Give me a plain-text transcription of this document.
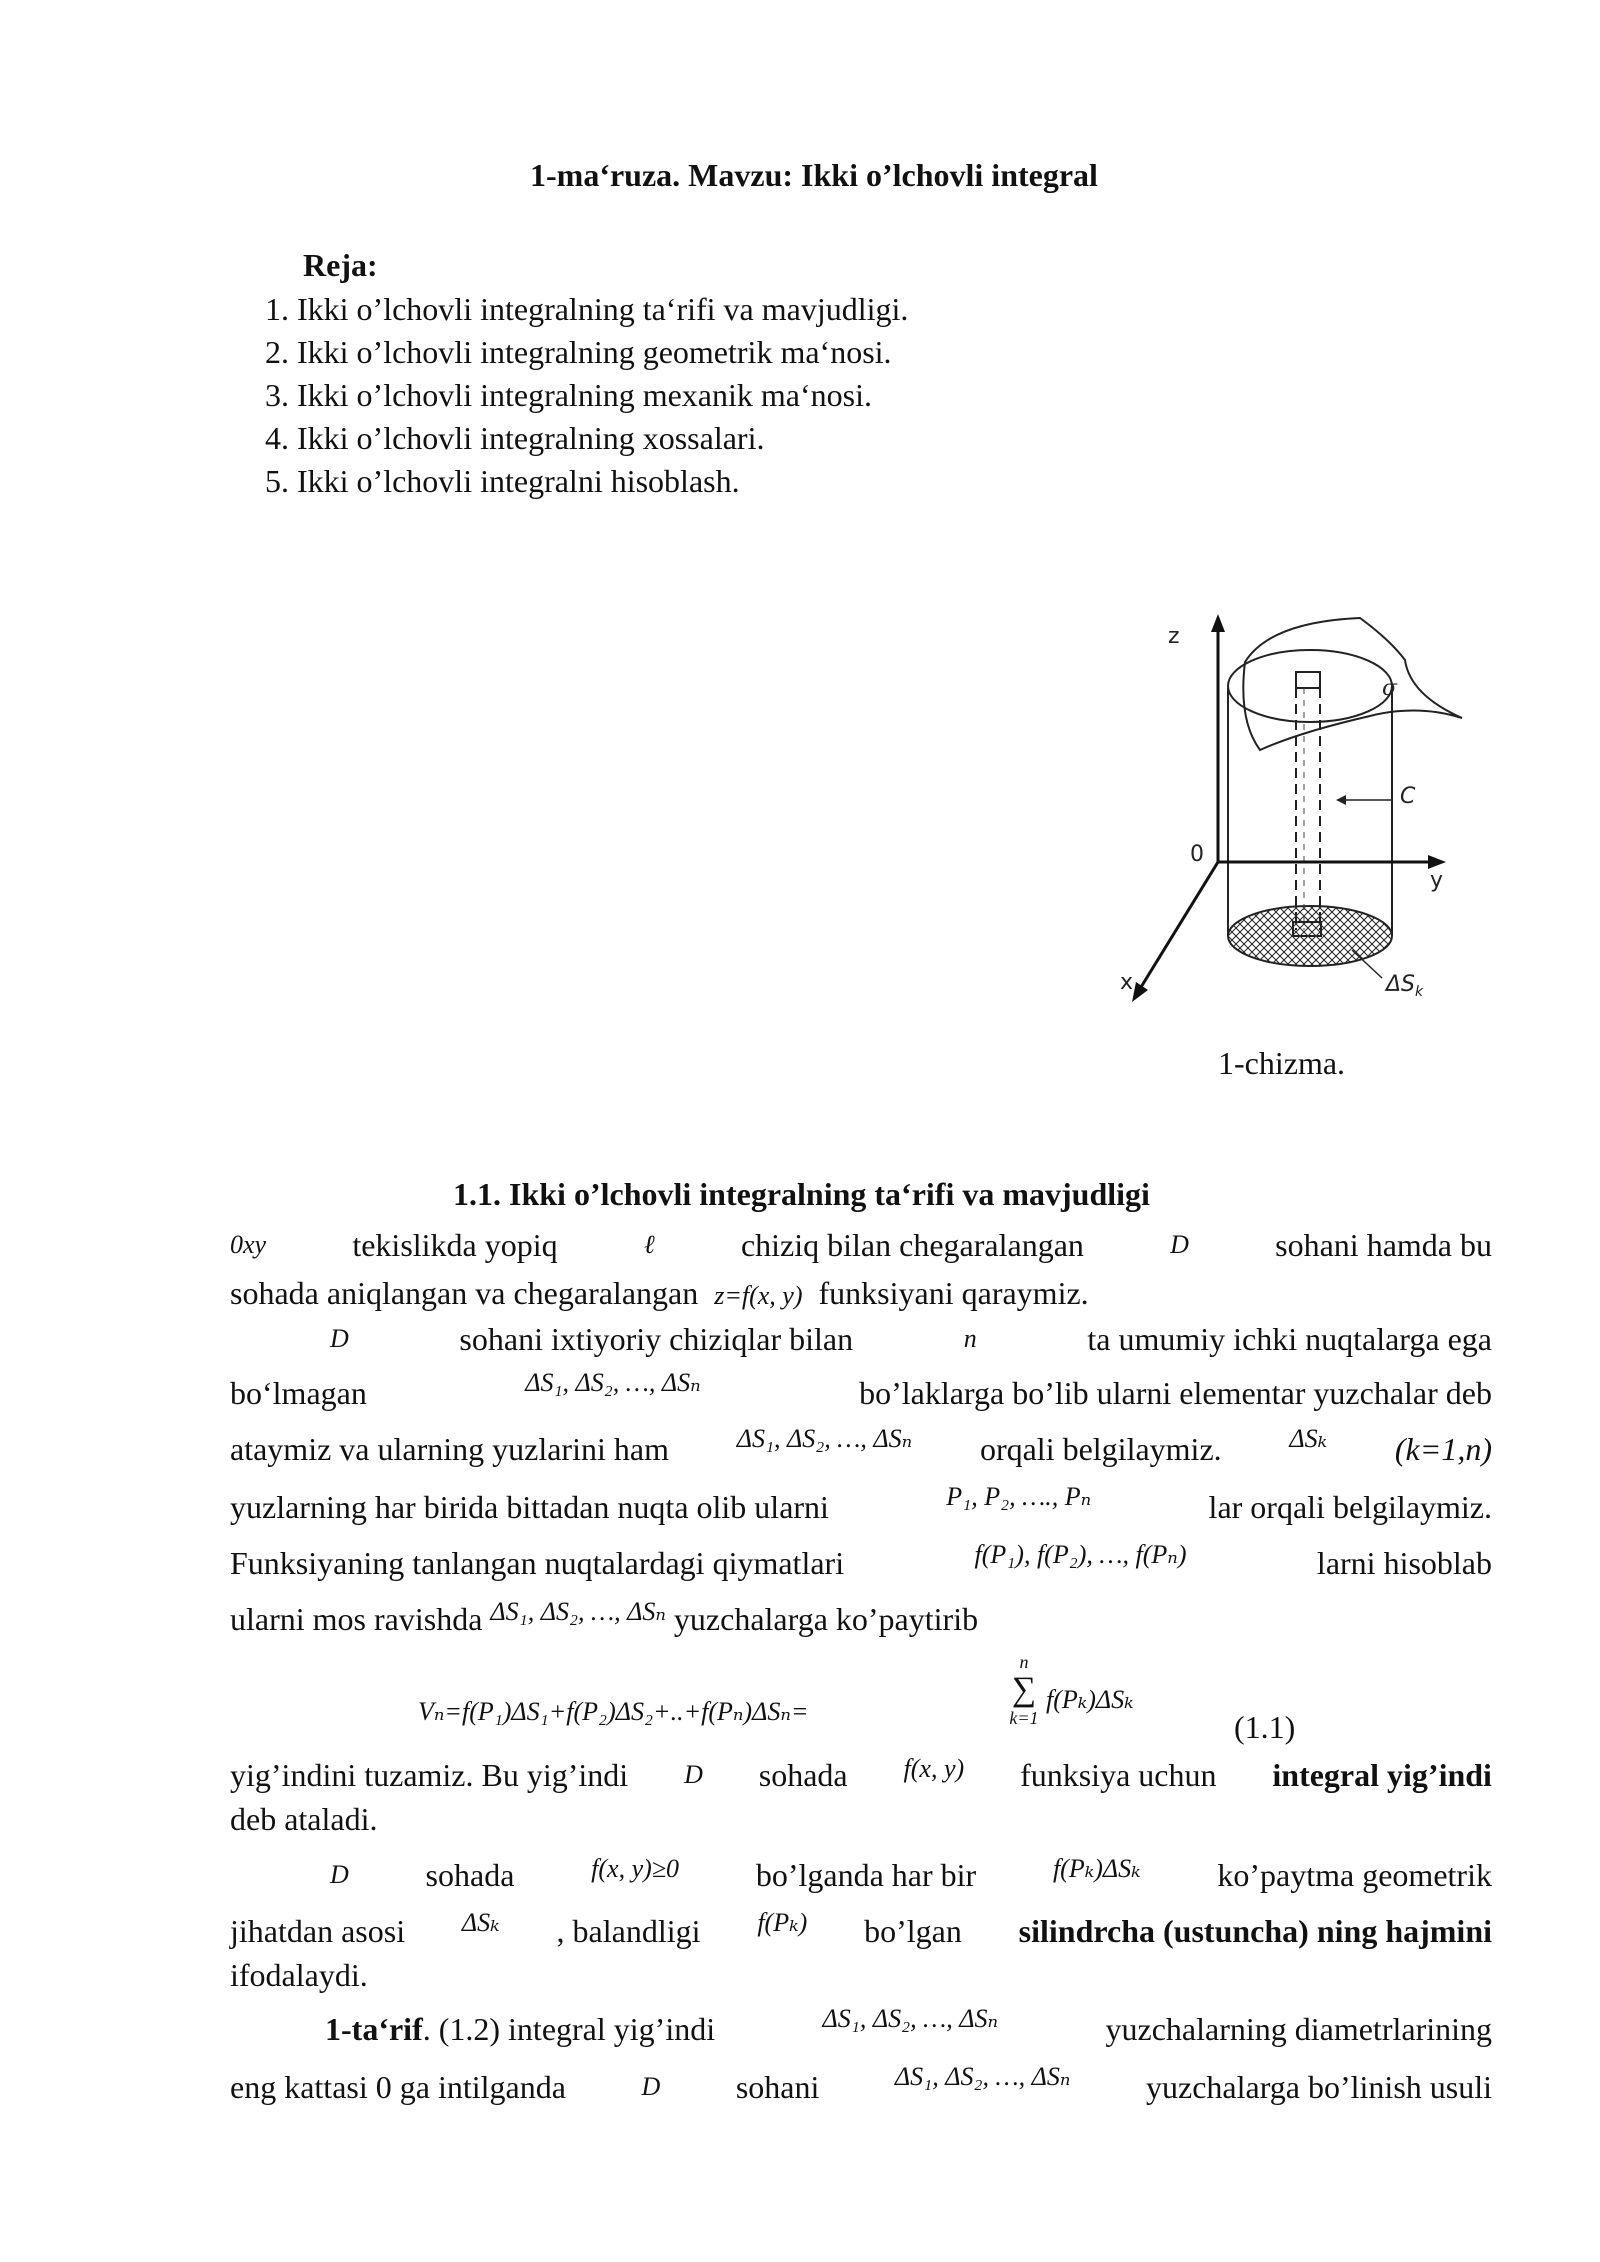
1-ma‘ruza. Mavzu: Ikki o’lchovli integral
Reja:
1. Ikki o’lchovli integralning ta‘rifi va mavjudligi.
2. Ikki o’lchovli integralning geometrik ma‘nosi.
3. Ikki o’lchovli integralning mexanik ma‘nosi.
4. Ikki o’lchovli integralning xossalari.
5. Ikki o’lchovli integralni hisoblash.
z
y
x
0
σ
C
$\Delta S_k$
1-chizma.
1.1. Ikki o’lchovli integralning ta‘rifi va mavjudligi
0xy	tekislikda yopiq	ℓ	chiziq bilan chegaralangan	D	sohani hamda bu
sohada aniqlangan va chegaralangan z=f(x, y) funksiyani qaraymiz.
D	sohani ixtiyoriy chiziqlar bilan	n	ta umumiy ichki nuqtalarga ega
bo‘lmagan	ΔS₁, ΔS₂, …, ΔSₙ	bo’laklarga bo’lib ularni elementar yuzchalar deb
ataymiz va ularning yuzlarini ham	ΔS₁, ΔS₂, …, ΔSₙ orqali belgilaymiz.	ΔSₖ (k=1,n)
yuzlarning har birida bittadan nuqta olib ularni	P₁, P₂, …., Pₙ	lar orqali belgilaymiz.
Funksiyaning tanlangan nuqtalardagi qiymatlari	f(P₁), f(P₂), …, f(Pₙ)	larni hisoblab
ularni mos ravishda $^{\Delta S_1, \Delta S_2, \dots, \Delta S_n}$ yuzchalarga ko’paytirib
Vₙ=f(P₁)ΔS₁+f(P₂)ΔS₂+..+f(Pₙ)ΔSₙ=
n
∑
k=1
f(Pₖ)ΔSₖ
(1.1)
yig’indini tuzamiz. Bu yig’indi D sohada f(x, y) funksiya uchun integral yig’indi
deb ataladi.
D sohada	f(x, y)≥0 bo’lganda har bir	f(Pₖ)ΔSₖ ko’paytma geometrik
jihatdan asosi ΔSₖ , balandligi f(Pₖ) bo’lgan silindrcha (ustuncha) ning hajmini
ifodalaydi.
1-ta‘rif. (1.2) integral yig’indi	ΔS₁, ΔS₂, …, ΔSₙ	yuzchalarning diametrlarining
eng kattasi 0 ga intilganda	D sohani	ΔS₁, ΔS₂, …, ΔSₙ yuzchalarga bo’linish usuli
